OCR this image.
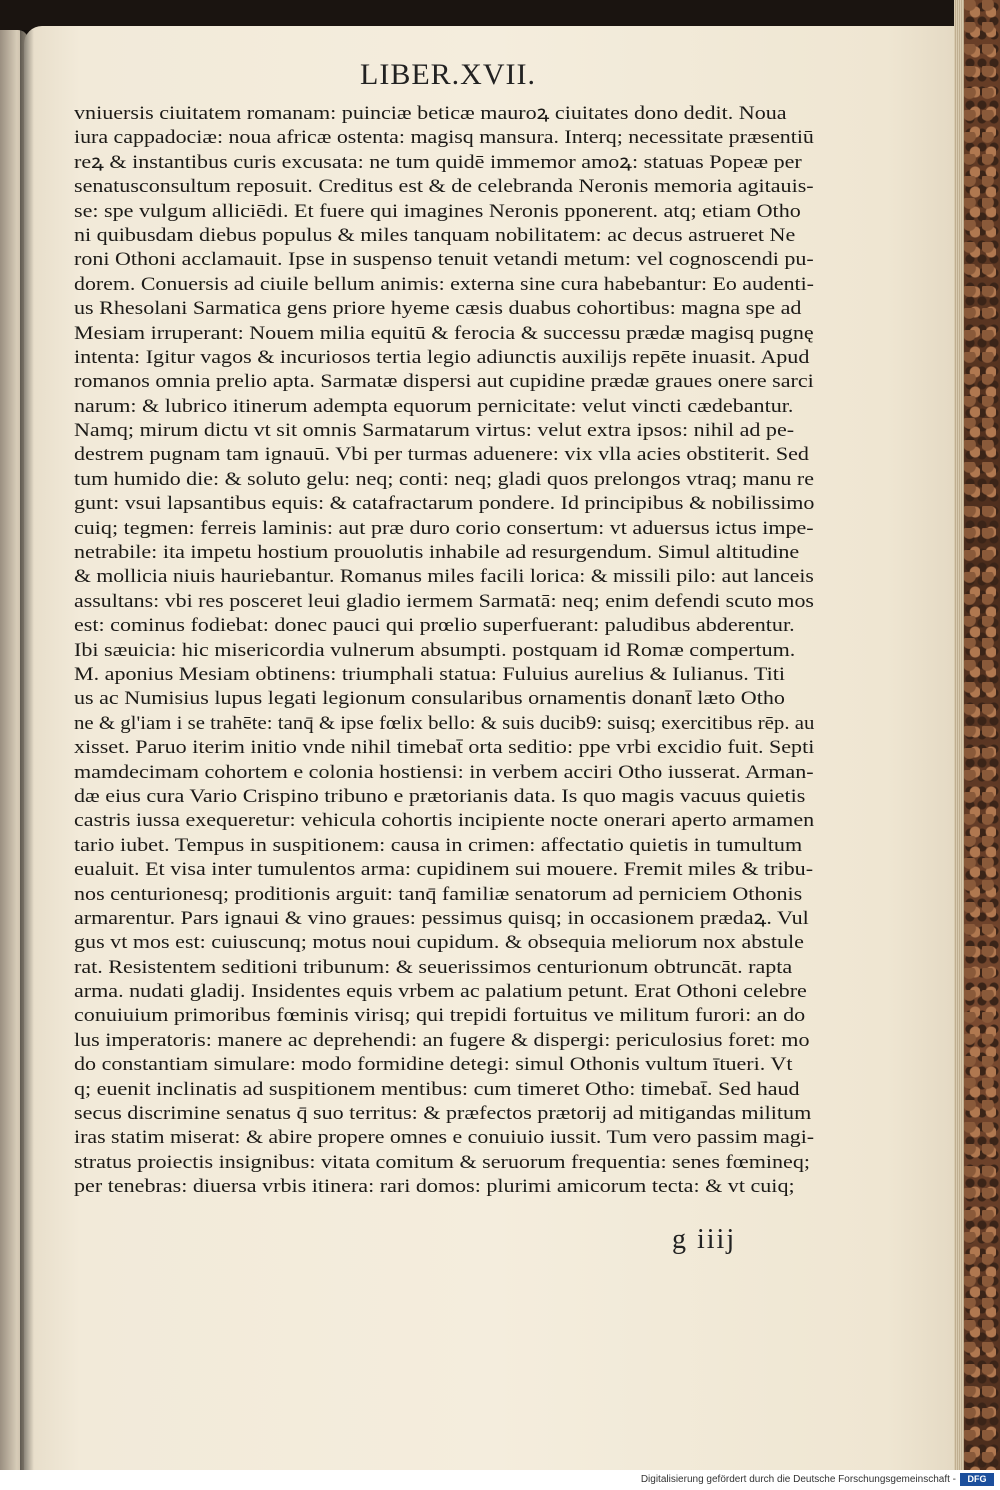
LIBER.XVII.
vniuersis ciuitatem romanam: puinciæ beticæ mauroꝝ ciuitates dono dedit. Noua
iura cappadociæ: noua africæ ostenta: magisq mansura. Interq; necessitate præsentiū
reꝝ & instantibus curis excusata: ne tum quidē immemor amoꝝ: statuas Popeæ per
senatusconsultum reposuit. Creditus est & de celebranda Neronis memoria agitauis-
se: spe vulgum alliciēdi. Et fuere qui imagines Neronis pponerent. atq; etiam Otho
ni quibusdam diebus populus & miles tanquam nobilitatem: ac decus astrueret Ne
roni Othoni acclamauit. Ipse in suspenso tenuit vetandi metum: vel cognoscendi pu-
dorem. Conuersis ad ciuile bellum animis: externa sine cura habebantur: Eo audenti-
us Rhesolani Sarmatica gens priore hyeme cæsis duabus cohortibus: magna spe ad
Mesiam irruperant: Nouem milia equitū & ferocia & successu prædæ magisq pugnę
intenta: Igitur vagos & incuriosos tertia legio adiunctis auxilijs repēte inuasit. Apud
romanos omnia prelio apta. Sarmatæ dispersi aut cupidine prædæ graues onere sarci
narum: & lubrico itinerum adempta equorum pernicitate: velut vincti cædebantur.
Namq; mirum dictu vt sit omnis Sarmatarum virtus: velut extra ipsos: nihil ad pe-
destrem pugnam tam ignauū. Vbi per turmas aduenere: vix vlla acies obstiterit. Sed
tum humido die: & soluto gelu: neq; conti: neq; gladi quos prelongos vtraq; manu re
gunt: vsui lapsantibus equis: & catafractarum pondere. Id principibus & nobilissimo
cuiq; tegmen: ferreis laminis: aut præ duro corio consertum: vt aduersus ictus impe-
netrabile: ita impetu hostium prouolutis inhabile ad resurgendum. Simul altitudine
& mollicia niuis hauriebantur. Romanus miles facili lorica: & missili pilo: aut lanceis
assultans: vbi res posceret leui gladio iermem Sarmatā: neq; enim defendi scuto mos
est: cominus fodiebat: donec pauci qui prœlio superfuerant: paludibus abderentur.
Ibi sæuicia: hic misericordia vulnerum absumpti. postquam id Romæ compertum.
M. aponius Mesiam obtinens: triumphali statua: Fuluius aurelius & Iulianus. Titi
us ac Numisius lupus legati legionum consularibus ornamentis donant̄ læto Otho
ne & gl'iam i se trahēte: tanq̄ & ipse fœlix bello: & suis ducib9: suisq; exercitibus rēp. au
xisset. Paruo iterim initio vnde nihil timebat̄ orta seditio: ppe vrbi excidio fuit. Septi
mamdecimam cohortem e colonia hostiensi: in verbem acciri Otho iusserat. Arman-
dæ eius cura Vario Crispino tribuno e prætorianis data. Is quo magis vacuus quietis
castris iussa exequeretur: vehicula cohortis incipiente nocte onerari aperto armamen
tario iubet. Tempus in suspitionem: causa in crimen: affectatio quietis in tumultum
eualuit. Et visa inter tumulentos arma: cupidinem sui mouere. Fremit miles & tribu-
nos centurionesq; proditionis arguit: tanq̄ familiæ senatorum ad perniciem Othonis
armarentur. Pars ignaui & vino graues: pessimus quisq; in occasionem prædaꝝ. Vul
gus vt mos est: cuiuscunq; motus noui cupidum. & obsequia meliorum nox abstule
rat. Resistentem seditioni tribunum: & seuerissimos centurionum obtruncāt. rapta
arma. nudati gladij. Insidentes equis vrbem ac palatium petunt. Erat Othoni celebre
conuiuium primoribus fœminis virisq; qui trepidi fortuitus ve militum furori: an do
lus imperatoris: manere ac deprehendi: an fugere & dispergi: periculosius foret: mo
do constantiam simulare: modo formidine detegi: simul Othonis vultum ītueri. Vt
q; euenit inclinatis ad suspitionem mentibus: cum timeret Otho: timebat̄. Sed haud
secus discrimine senatus q̄ suo territus: & præfectos prætorij ad mitigandas militum
iras statim miserat: & abire propere omnes e conuiuio iussit. Tum vero passim magi-
stratus proiectis insignibus: vitata comitum & seruorum frequentia: senes fœmineq;
per tenebras: diuersa vrbis itinera: rari domos: plurimi amicorum tecta: & vt cuiq;
g iiij
Digitalisierung gefördert durch die Deutsche Forschungsgemeinschaft -	DFG
